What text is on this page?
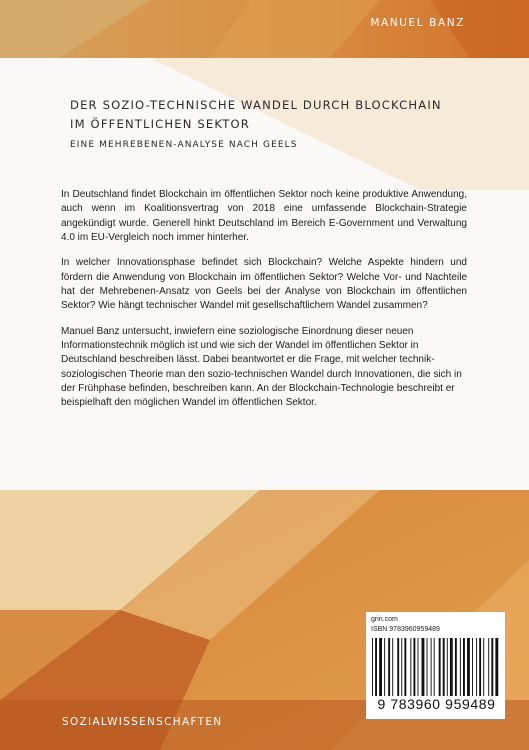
MANUEL BANZ
DER SOZIO-TECHNISCHE WANDEL DURCH BLOCKCHAIN
IM ÖFFENTLICHEN SEKTOR
EINE MEHREBENEN-ANALYSE NACH GEELS

In Deutschland findet Blockchain im öffentlichen Sektor noch keine produktive Anwendung, auch wenn im Koalitionsvertrag von 2018 eine umfassende Blockchain-Strategie angekündigt wurde. Generell hinkt Deutschland im Bereich E-Government und Verwaltung 4.0 im EU-Vergleich noch immer hinterher.

In welcher Innovationsphase befindet sich Blockchain? Welche Aspekte hindern und fördern die Anwendung von Blockchain im öffentlichen Sektor? Welche Vor- und Nachteile hat der Mehrebenen-Ansatz von Geels bei der Analyse von Blockchain im öffentlichen Sektor? Wie hängt technischer Wandel mit gesellschaftlichem Wandel zusammen?

Manuel Banz untersucht, inwiefern eine soziologische Einordnung dieser neuen Informationstechnik möglich ist und wie sich der Wandel im öffentlichen Sektor in Deutschland beschreiben lässt. Dabei beantwortet er die Frage, mit welcher technik-soziologischen Theorie man den sozio-technischen Wandel durch Innovationen, die sich in der Frühphase befinden, beschreiben kann. An der Blockchain-Technologie beschreibt er beispielhaft den möglichen Wandel im öffentlichen Sektor.

grin.com
ISBN 9783960959489
9 783960 959489
SOZIALWISSENSCHAFTEN
